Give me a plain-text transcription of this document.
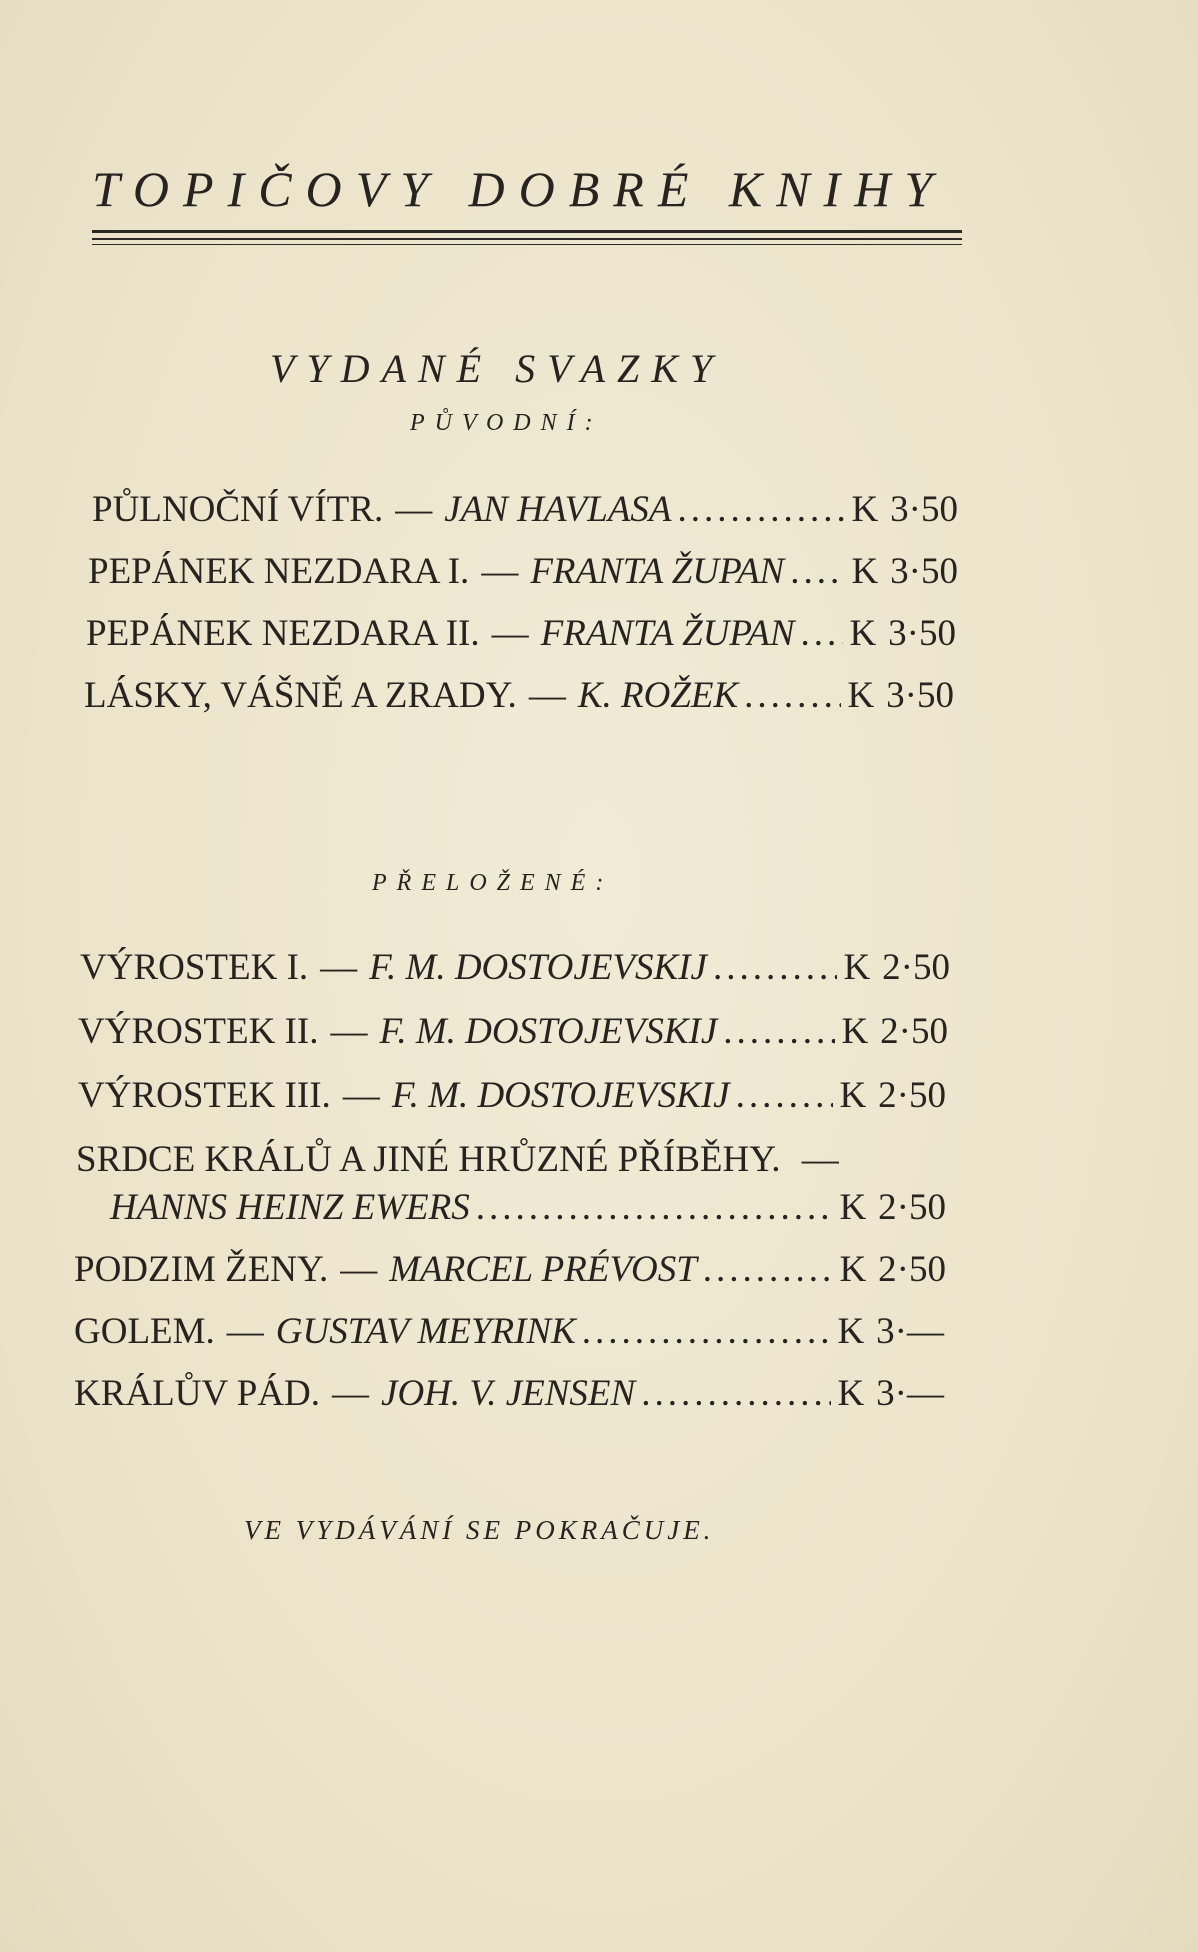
TOPIČOVY DOBRÉ KNIHY
VYDANÉ SVAZKY
PŮVODNÍ:
PŮLNOČNÍ VÍTR. — JAN HAVLASA .....	K 3·50
PEPÁNEK NEZDARA I. — FRANTA ŽUPAN ..... K 3·50
PEPÁNEK NEZDARA II. — FRANTA ŽUPAN ..... K 3·50
LÁSKY, VÁŠNĚ A ZRADY. — K. ROŽEK .....	K 3·50
PŘELOŽENÉ:
VÝROSTEK I. — F. M. DOSTOJEVSKIJ .....	K 2·50
VÝROSTEK II. — F. M. DOSTOJEVSKIJ .....	K 2·50
VÝROSTEK III. — F. M. DOSTOJEVSKIJ .....	K 2·50
SRDCE KRÁLŮ A JINÉ HRŮZNÉ PŘÍBĚHY. —
HANNS HEINZ EWERS .....	K 2·50
PODZIM ŽENY. — MARCEL PRÉVOST .....	K 2·50
GOLEM. — GUSTAV MEYRINK .....	K 3·—
KRÁLŮV PÁD. — JOH. V. JENSEN .....	K 3·—
VE VYDÁVÁNÍ SE POKRAČUJE.
